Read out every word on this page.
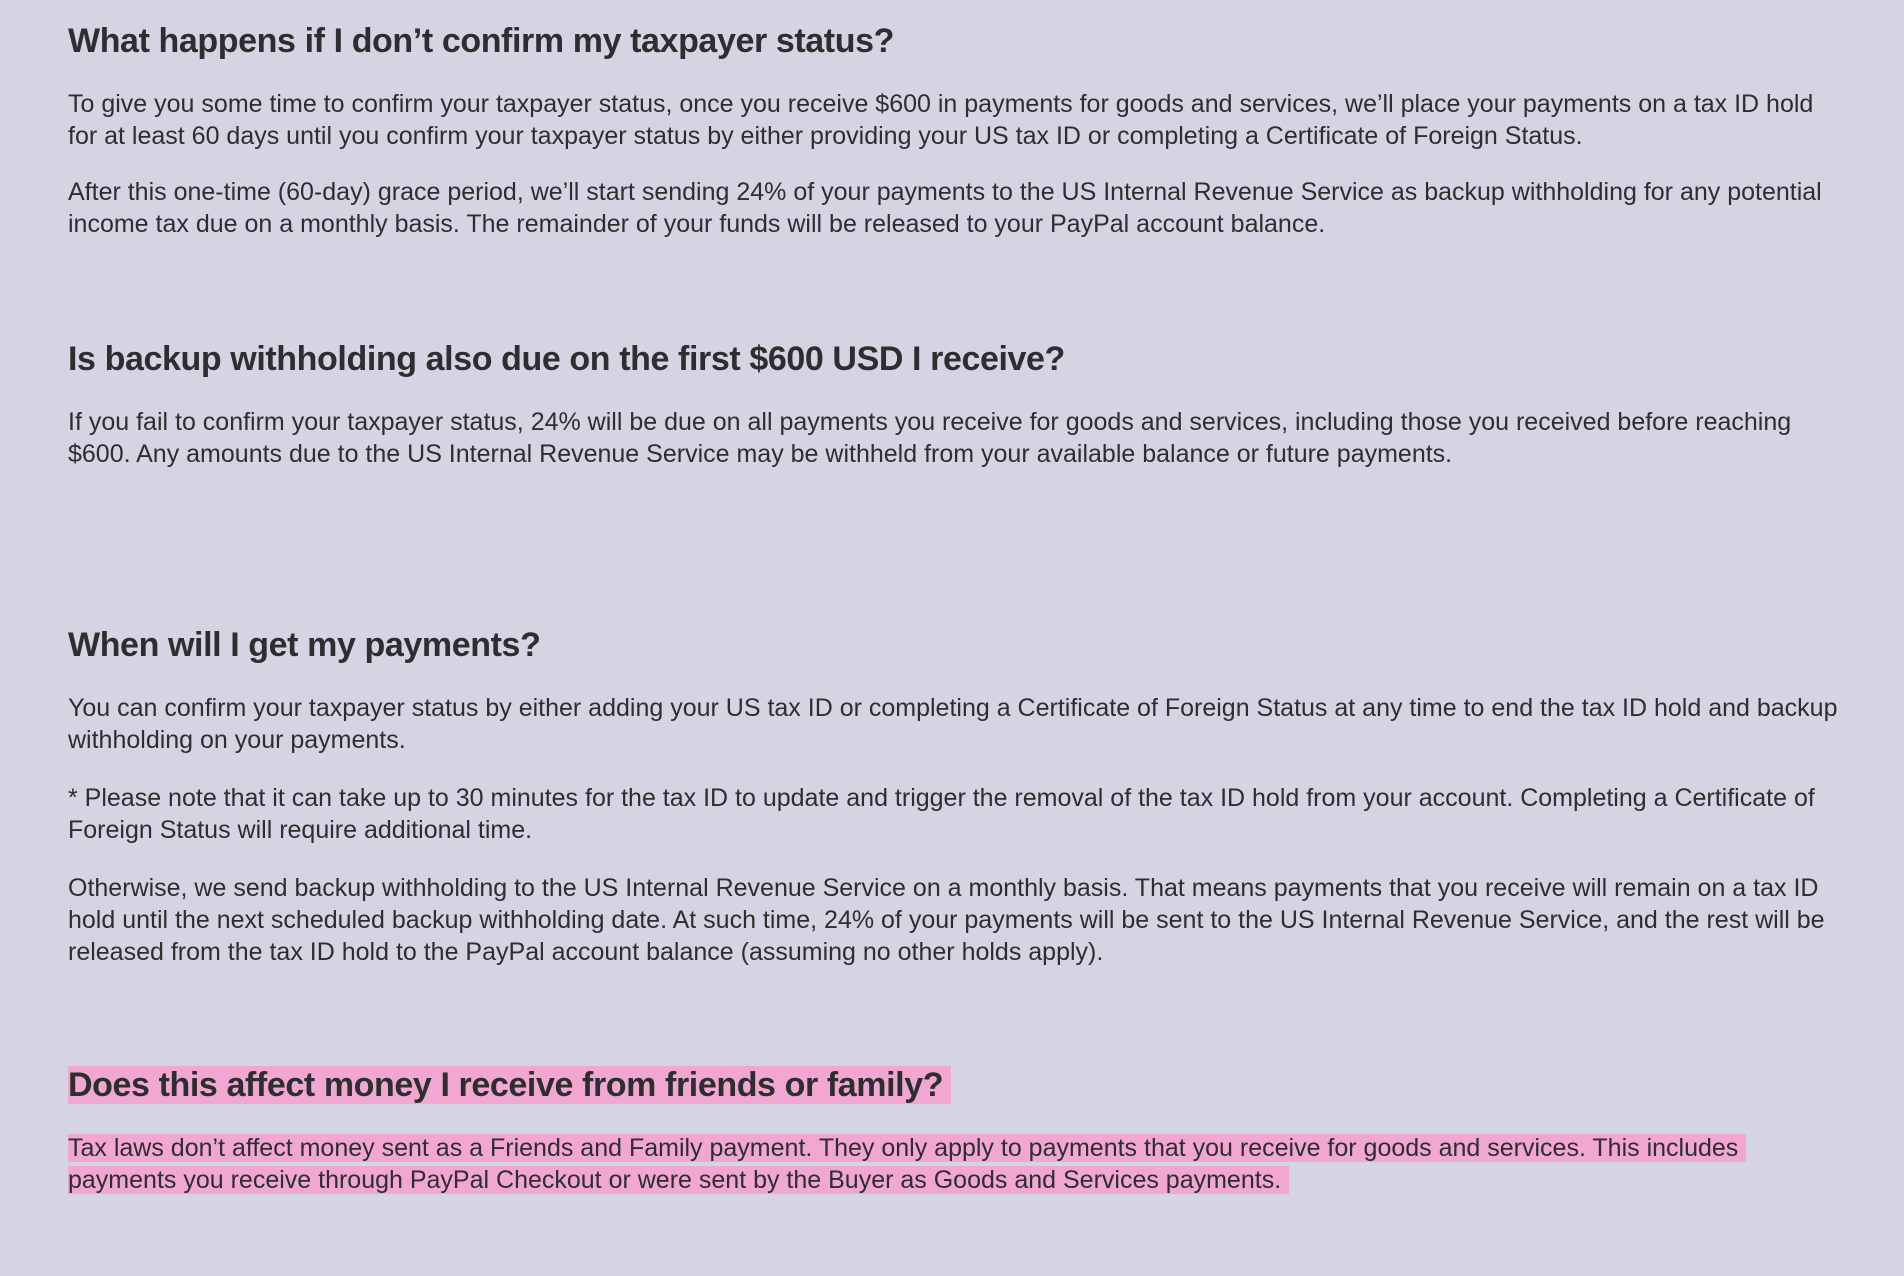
What happens if I don’t confirm my taxpayer status?

To give you some time to confirm your taxpayer status, once you receive $600 in payments for goods and services, we’ll place your payments on a tax ID hold for at least 60 days until you confirm your taxpayer status by either providing your US tax ID or completing a Certificate of Foreign Status.

After this one-time (60-day) grace period, we’ll start sending 24% of your payments to the US Internal Revenue Service as backup withholding for any potential income tax due on a monthly basis. The remainder of your funds will be released to your PayPal account balance.

Is backup withholding also due on the first $600 USD I receive?

If you fail to confirm your taxpayer status, 24% will be due on all payments you receive for goods and services, including those you received before reaching $600. Any amounts due to the US Internal Revenue Service may be withheld from your available balance or future payments.

When will I get my payments?

You can confirm your taxpayer status by either adding your US tax ID or completing a Certificate of Foreign Status at any time to end the tax ID hold and backup withholding on your payments.

* Please note that it can take up to 30 minutes for the tax ID to update and trigger the removal of the tax ID hold from your account. Completing a Certificate of Foreign Status will require additional time.

Otherwise, we send backup withholding to the US Internal Revenue Service on a monthly basis. That means payments that you receive will remain on a tax ID hold until the next scheduled backup withholding date. At such time, 24% of your payments will be sent to the US Internal Revenue Service, and the rest will be released from the tax ID hold to the PayPal account balance (assuming no other holds apply).

Does this affect money I receive from friends or family?

Tax laws don’t affect money sent as a Friends and Family payment. They only apply to payments that you receive for goods and services. This includes payments you receive through PayPal Checkout or were sent by the Buyer as Goods and Services payments.
